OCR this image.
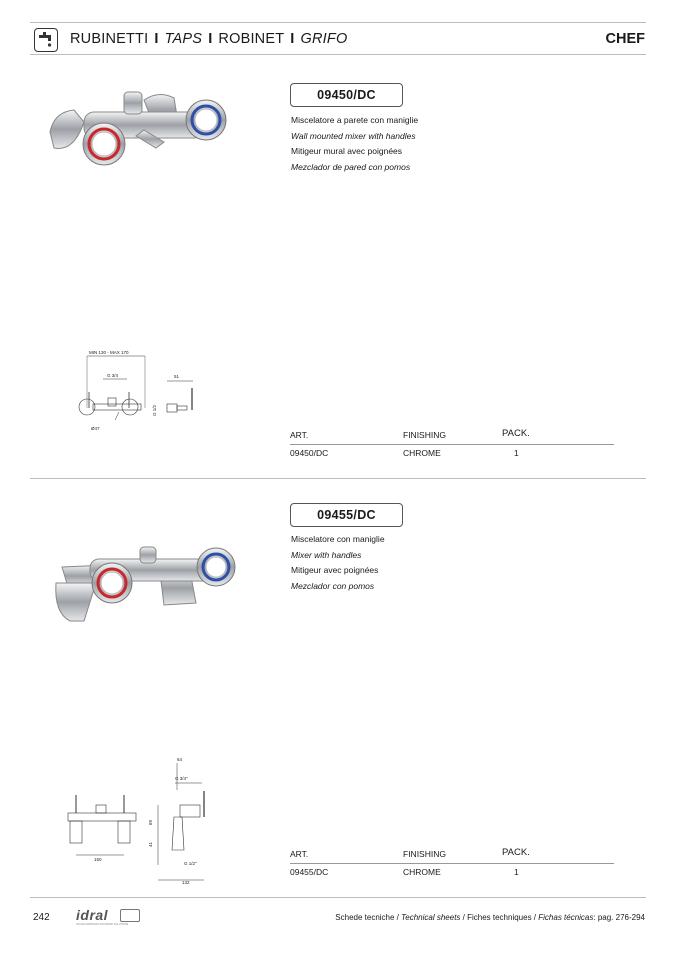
RUBINETTI I TAPS I ROBINET I GRIFO	CHEF
09450/DC
Miscelatore a parete con maniglie
Wall mounted mixer with handles
Mitigeur mural avec poignées
Mezclador de pared con pomos
MIN 130 - MAX 170
G 3/4
Ø47
51
G 1/2
ART.	FINISHING	PACK.
09450/DC	CHROME	1
09455/DC
Miscelatore con maniglie
Mixer with handles
Mitigeur avec poignées
Mezclador con pomos
150
64
G 3/4"
69
41
G 1/2"
132
ART.	FINISHING	PACK.
09455/DC	CHROME	1
242 idral
ITALIAN PARTNER FOR WATER SOLUTIONS
Schede tecniche / Technical sheets / Fiches techniques / Fichas técnicas: pag. 276-294
